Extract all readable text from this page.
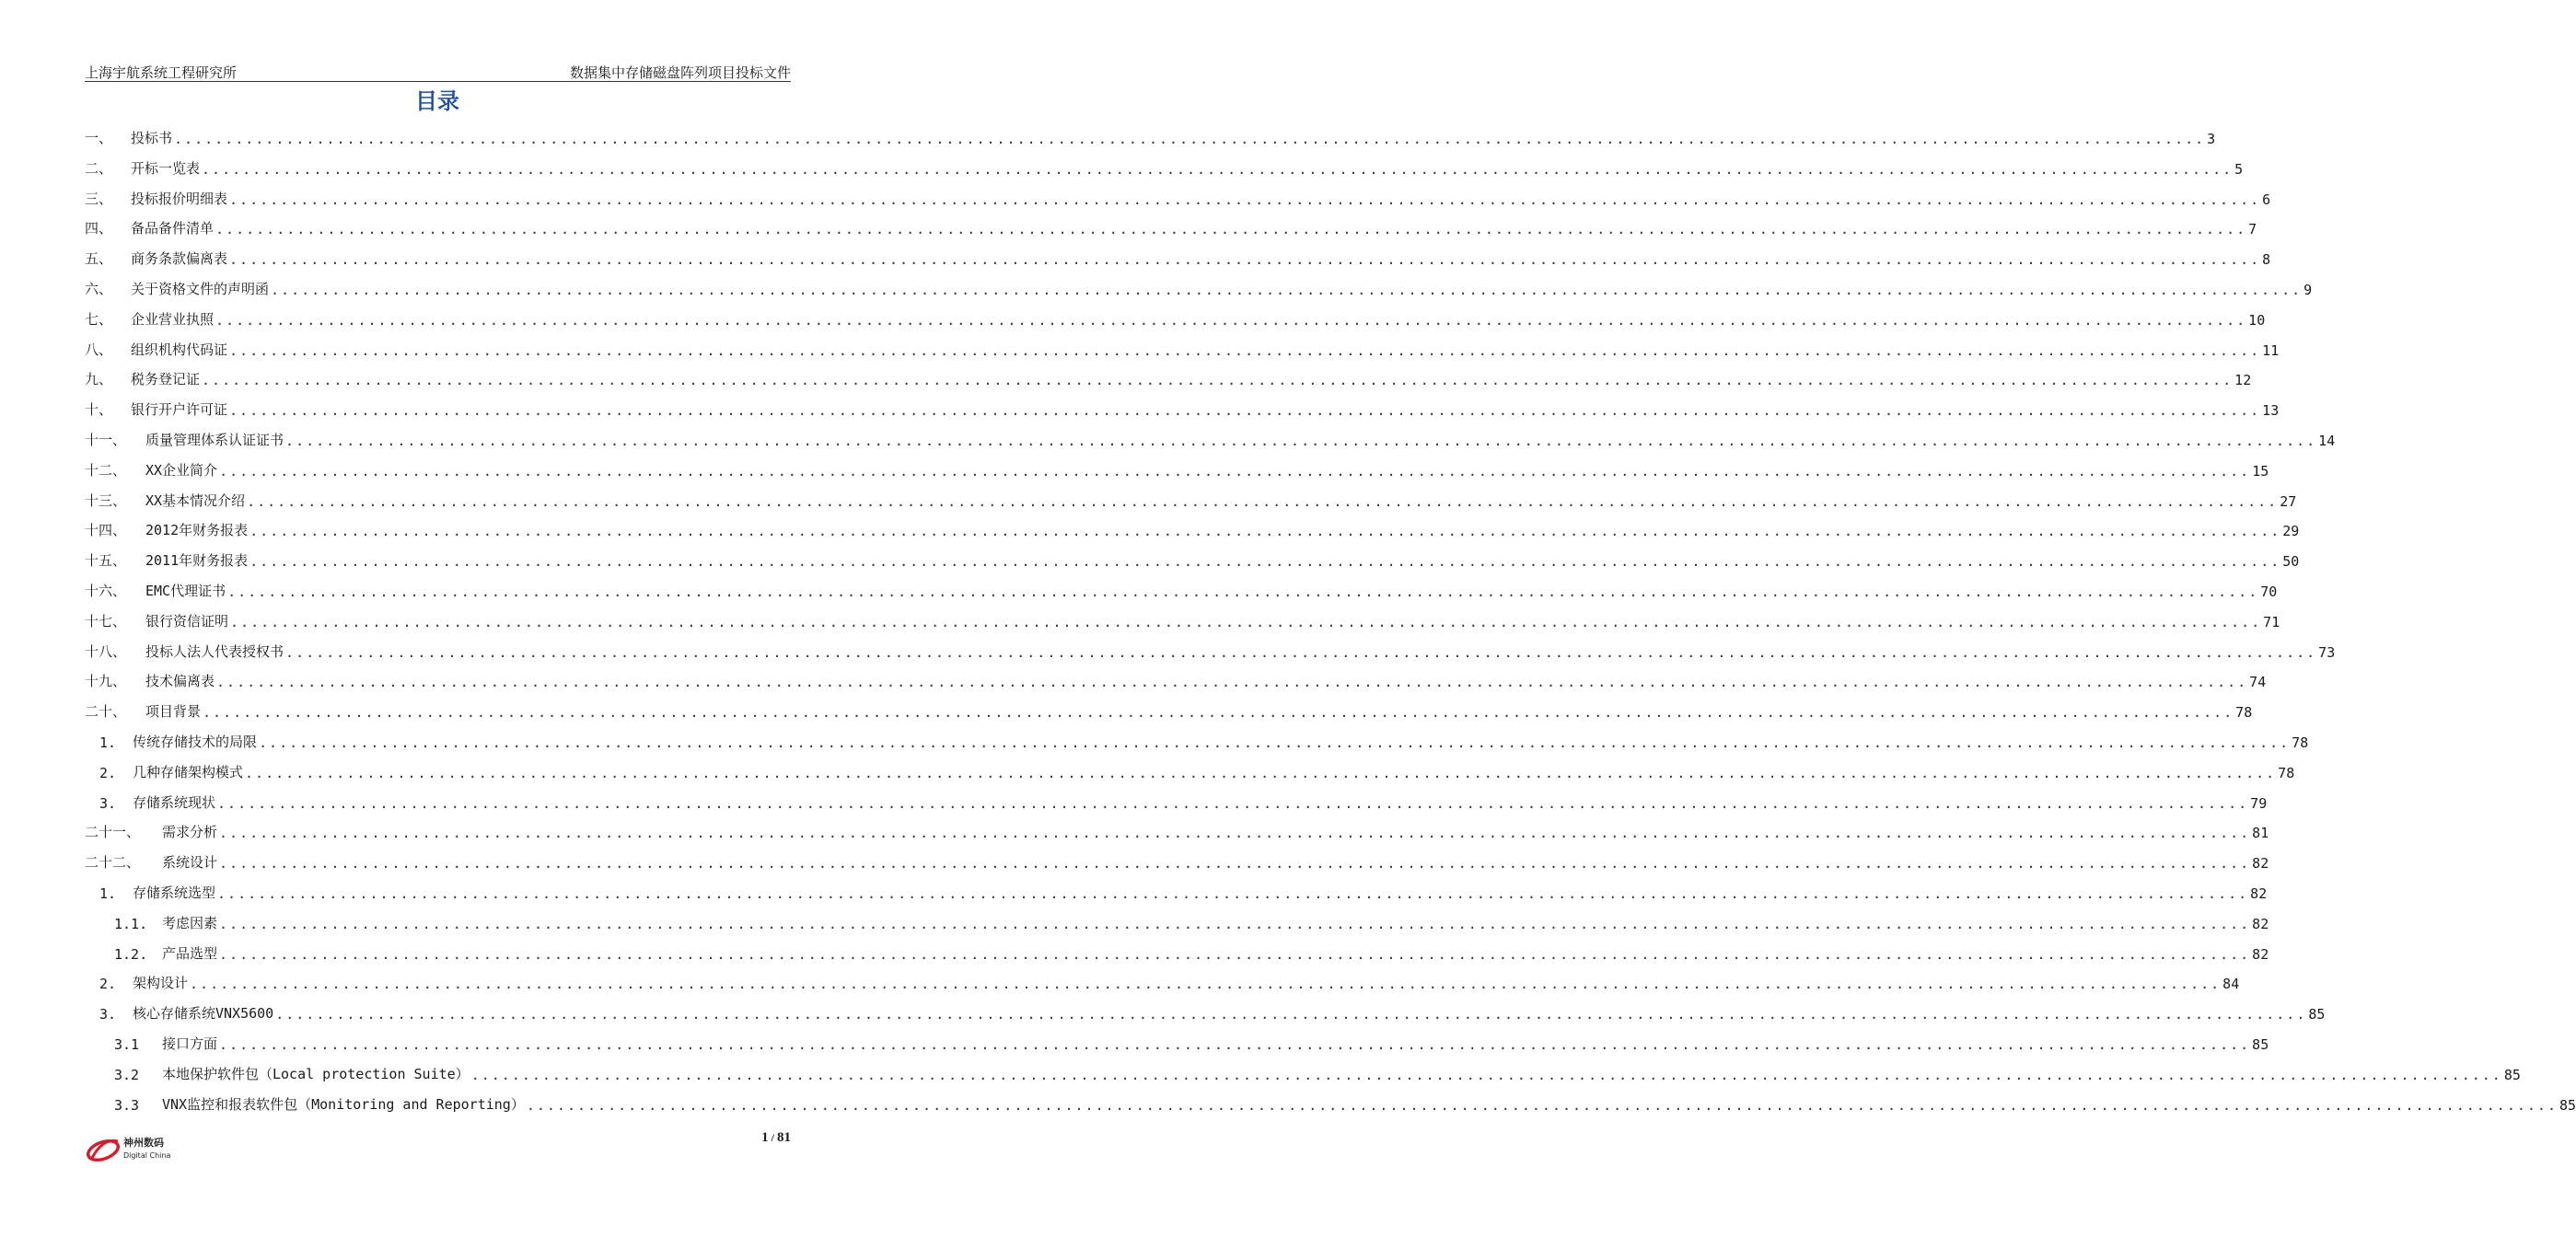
上海宇航系统工程研究所	数据集中存储磁盘阵列项目投标文件
目录
一、 投标书 ........................................................................................................................................................................................................ 3
二、 开标一览表 ........................................................................................................................................................................................................ 5
三、 投标报价明细表 ........................................................................................................................................................................................................ 6
四、 备品备件清单 ........................................................................................................................................................................................................ 7
五、 商务条款偏离表 ........................................................................................................................................................................................................ 8
六、 关于资格文件的声明函 ........................................................................................................................................................................................................ 9
七、 企业营业执照 ........................................................................................................................................................................................................ 10
八、 组织机构代码证 ........................................................................................................................................................................................................ 11
九、 税务登记证 ........................................................................................................................................................................................................ 12
十、 银行开户许可证 ........................................................................................................................................................................................................ 13
十一、 质量管理体系认证证书 ........................................................................................................................................................................................................ 14
十二、 XX企业简介 ........................................................................................................................................................................................................ 15
十三、 XX基本情况介绍 ........................................................................................................................................................................................................ 27
十四、 2012年财务报表 ........................................................................................................................................................................................................ 29
十五、 2011年财务报表 ........................................................................................................................................................................................................ 50
十六、 EMC代理证书 ........................................................................................................................................................................................................ 70
十七、 银行资信证明 ........................................................................................................................................................................................................ 71
十八、 投标人法人代表授权书 ........................................................................................................................................................................................................ 73
十九、 技术偏离表 ........................................................................................................................................................................................................ 74
二十、 项目背景 ........................................................................................................................................................................................................ 78
1. 传统存储技术的局限 ........................................................................................................................................................................................................ 78
2. 几种存储架构模式 ........................................................................................................................................................................................................ 78
3. 存储系统现状 ........................................................................................................................................................................................................ 79
二十一、 需求分析 ........................................................................................................................................................................................................ 81
二十二、 系统设计 ........................................................................................................................................................................................................ 82
1. 存储系统选型 ........................................................................................................................................................................................................ 82
1.1. 考虑因素 ........................................................................................................................................................................................................ 82
1.2. 产品选型 ........................................................................................................................................................................................................ 82
2. 架构设计 ........................................................................................................................................................................................................ 84
3. 核心存储系统VNX5600 ........................................................................................................................................................................................................ 85
3.1 接口方面 ........................................................................................................................................................................................................ 85
3.2 本地保护软件包（Local protection Suite） ........................................................................................................................................................................................................ 85
3.3 VNX监控和报表软件包（Monitoring and Reporting） ........................................................................................................................................................................................................ 85
神州数码
Digital China
1 / 81
